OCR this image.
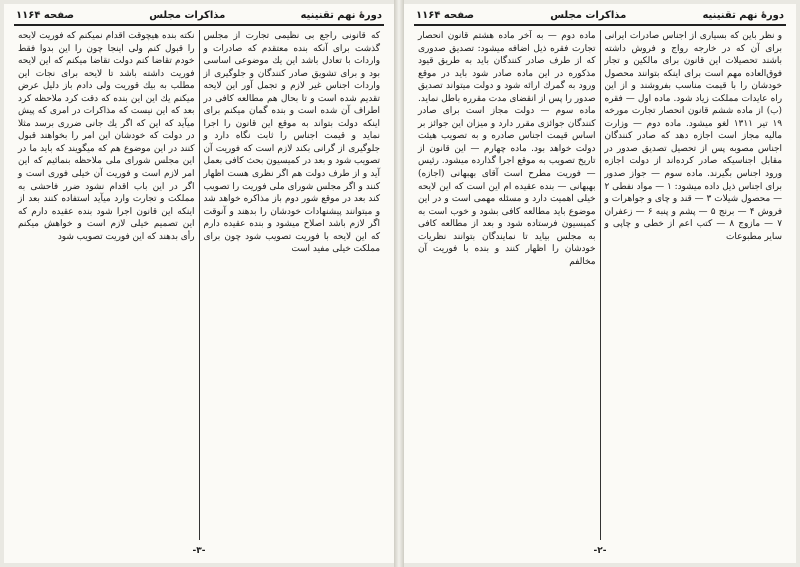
دورهٔ نهم تقنینیه
مذاکرات مجلس
صفحه ۱۱۶۴

كه قانونی راجع بی نظيمی تجارت از مجلس گذشت برای آنكه بنده معتقدم كه صادرات و واردات با تعادل باشد اين يك موضوعی اساسی بود و برای تشويق صادر كنندگان و جلوگيری از واردات اجناس غير لازم و تجمل آور اين لايحه تقديم شده است و تا بحال هم مطالعه كافی در اطراف آن شده است و بنده گمان ميكنم برای اينكه دولت بتواند به موقع اين قانون را اجرا نمايد و قيمت اجناس را ثابت نگاه دارد و جلوگيری از گرانی بكند لازم است كه فوريت آن تصويب شود و بعد در كميسيون بحث كافی بعمل آيد و از طرف دولت هم اگر نظری هست اظهار كنند و اگر مجلس شورای ملی فوريت را تصويب كند بعد در موقع شور دوم باز مذاكره خواهد شد و ميتوانند پيشنهادات خودشان را بدهند و آنوقت اگر لازم باشد اصلاح ميشود و بنده عقيده دارم كه اين لايحه با فوريت تصويب شود چون برای مملكت خيلی مفيد است

نكته بنده هيچوقت اقدام نميكنم كه فوريت لايحه را قبول كنم ولی اينجا چون را اين بدوا فقط خودم تقاضا كنم دولت تقاضا ميكنم كه اين لايحه فوريت داشته باشد تا لايحه برای نجات اين مطلب به بيك قوريت ولی دادم باز دليل عرض ميكنم يك اين اين بنده كه دقت كرد ملاحظه كرد بعد كه اين نيست كه مذاكرات در امری كه پيش ميآيد كه اين كه اگر يك جانی ضرری برسد مثلا در دولت كه خودشان اين امر را بخواهند قبول كنند در اين موضوع هم كه ميگويند كه بايد ما در اين مجلس شورای ملی ملاحظه بنمائيم كه اين امر لازم است و فوريت آن خيلی فوری است و اگر در اين باب اقدام نشود ضرر فاحشی به مملكت و تجارت وارد ميآيد استفاده كنند بعد از اينكه اين قانون اجرا شود بنده عقيده دارم كه اين تصميم خيلی لازم است و خواهش ميكنم رأی بدهند كه اين فوريت تصويب شود

-٣-
دورهٔ نهم تقنینیه
مذاکرات مجلس
صفحه ۱۱۶۴

و نظر باين كه بسياری از اجناس صادرات ايرانی برای آن كه در خارجه رواج و فروش داشته باشند تحصيلات اين قانون برای مالكين و تجار فوق‌العاده مهم است برای اينكه بتوانند محصول خودشان را با قيمت مناسب بفروشند و از اين راه عايدات مملكت زياد شود. ماده اول — فقره (ب) از ماده ششم قانون انحصار تجارت مورخه ۱۹ تیر ۱۳۱۱ لغو ميشود. ماده دوم — وزارت ماليه مجاز است اجازه دهد كه صادر كنندگان اجناس مصوبه پس از تحصيل تصديق صدور در مقابل اجناسيكه صادر كرده‌اند از دولت اجازه ورود اجناس بگيرند. ماده سوم — جواز صدور برای اجناس ذيل داده ميشود: ۱ — مواد نفطی ۲ — محصول شيلات ۳ — قند و چای و جواهرات و فروش ۴ — برنج ۵ — پشم و پنبه ۶ — زعفران ۷ — مازوج ۸ — كتب اعم از خطی و چاپی و ساير مطبوعات

ماده دوم — به آخر ماده هشتم قانون انحصار تجارت فقره ذيل اضافه ميشود: تصديق صدوری كه از طرف صادر كنندگان بايد به طريق قيود مذكوره در اين ماده صادر شود بايد در موقع ورود به گمرك ارائه شود و دولت ميتواند تصديق صدور را پس از انقضای مدت مقرره باطل نمايد. ماده سوم — دولت مجاز است برای صادر كنندگان جوائزی مقرر دارد و ميزان اين جوائز بر اساس قيمت اجناس صادره و به تصويب هيئت دولت خواهد بود. ماده چهارم — اين قانون از تاريخ تصويب به موقع اجرا گذارده ميشود. رئيس — فوريت مطرح است آقای بهبهانی (اجازه) بهبهانی — بنده عقيده ام اين است كه اين لايحه خيلی اهميت دارد و مسئله مهمی است و در اين موضوع بايد مطالعه كافی بشود و خوب است به كميسيون فرستاده شود و بعد از مطالعه كافی به مجلس بيايد تا نمايندگان بتوانند نظريات خودشان را اظهار كنند و بنده با فوريت آن مخالفم

-٢-
